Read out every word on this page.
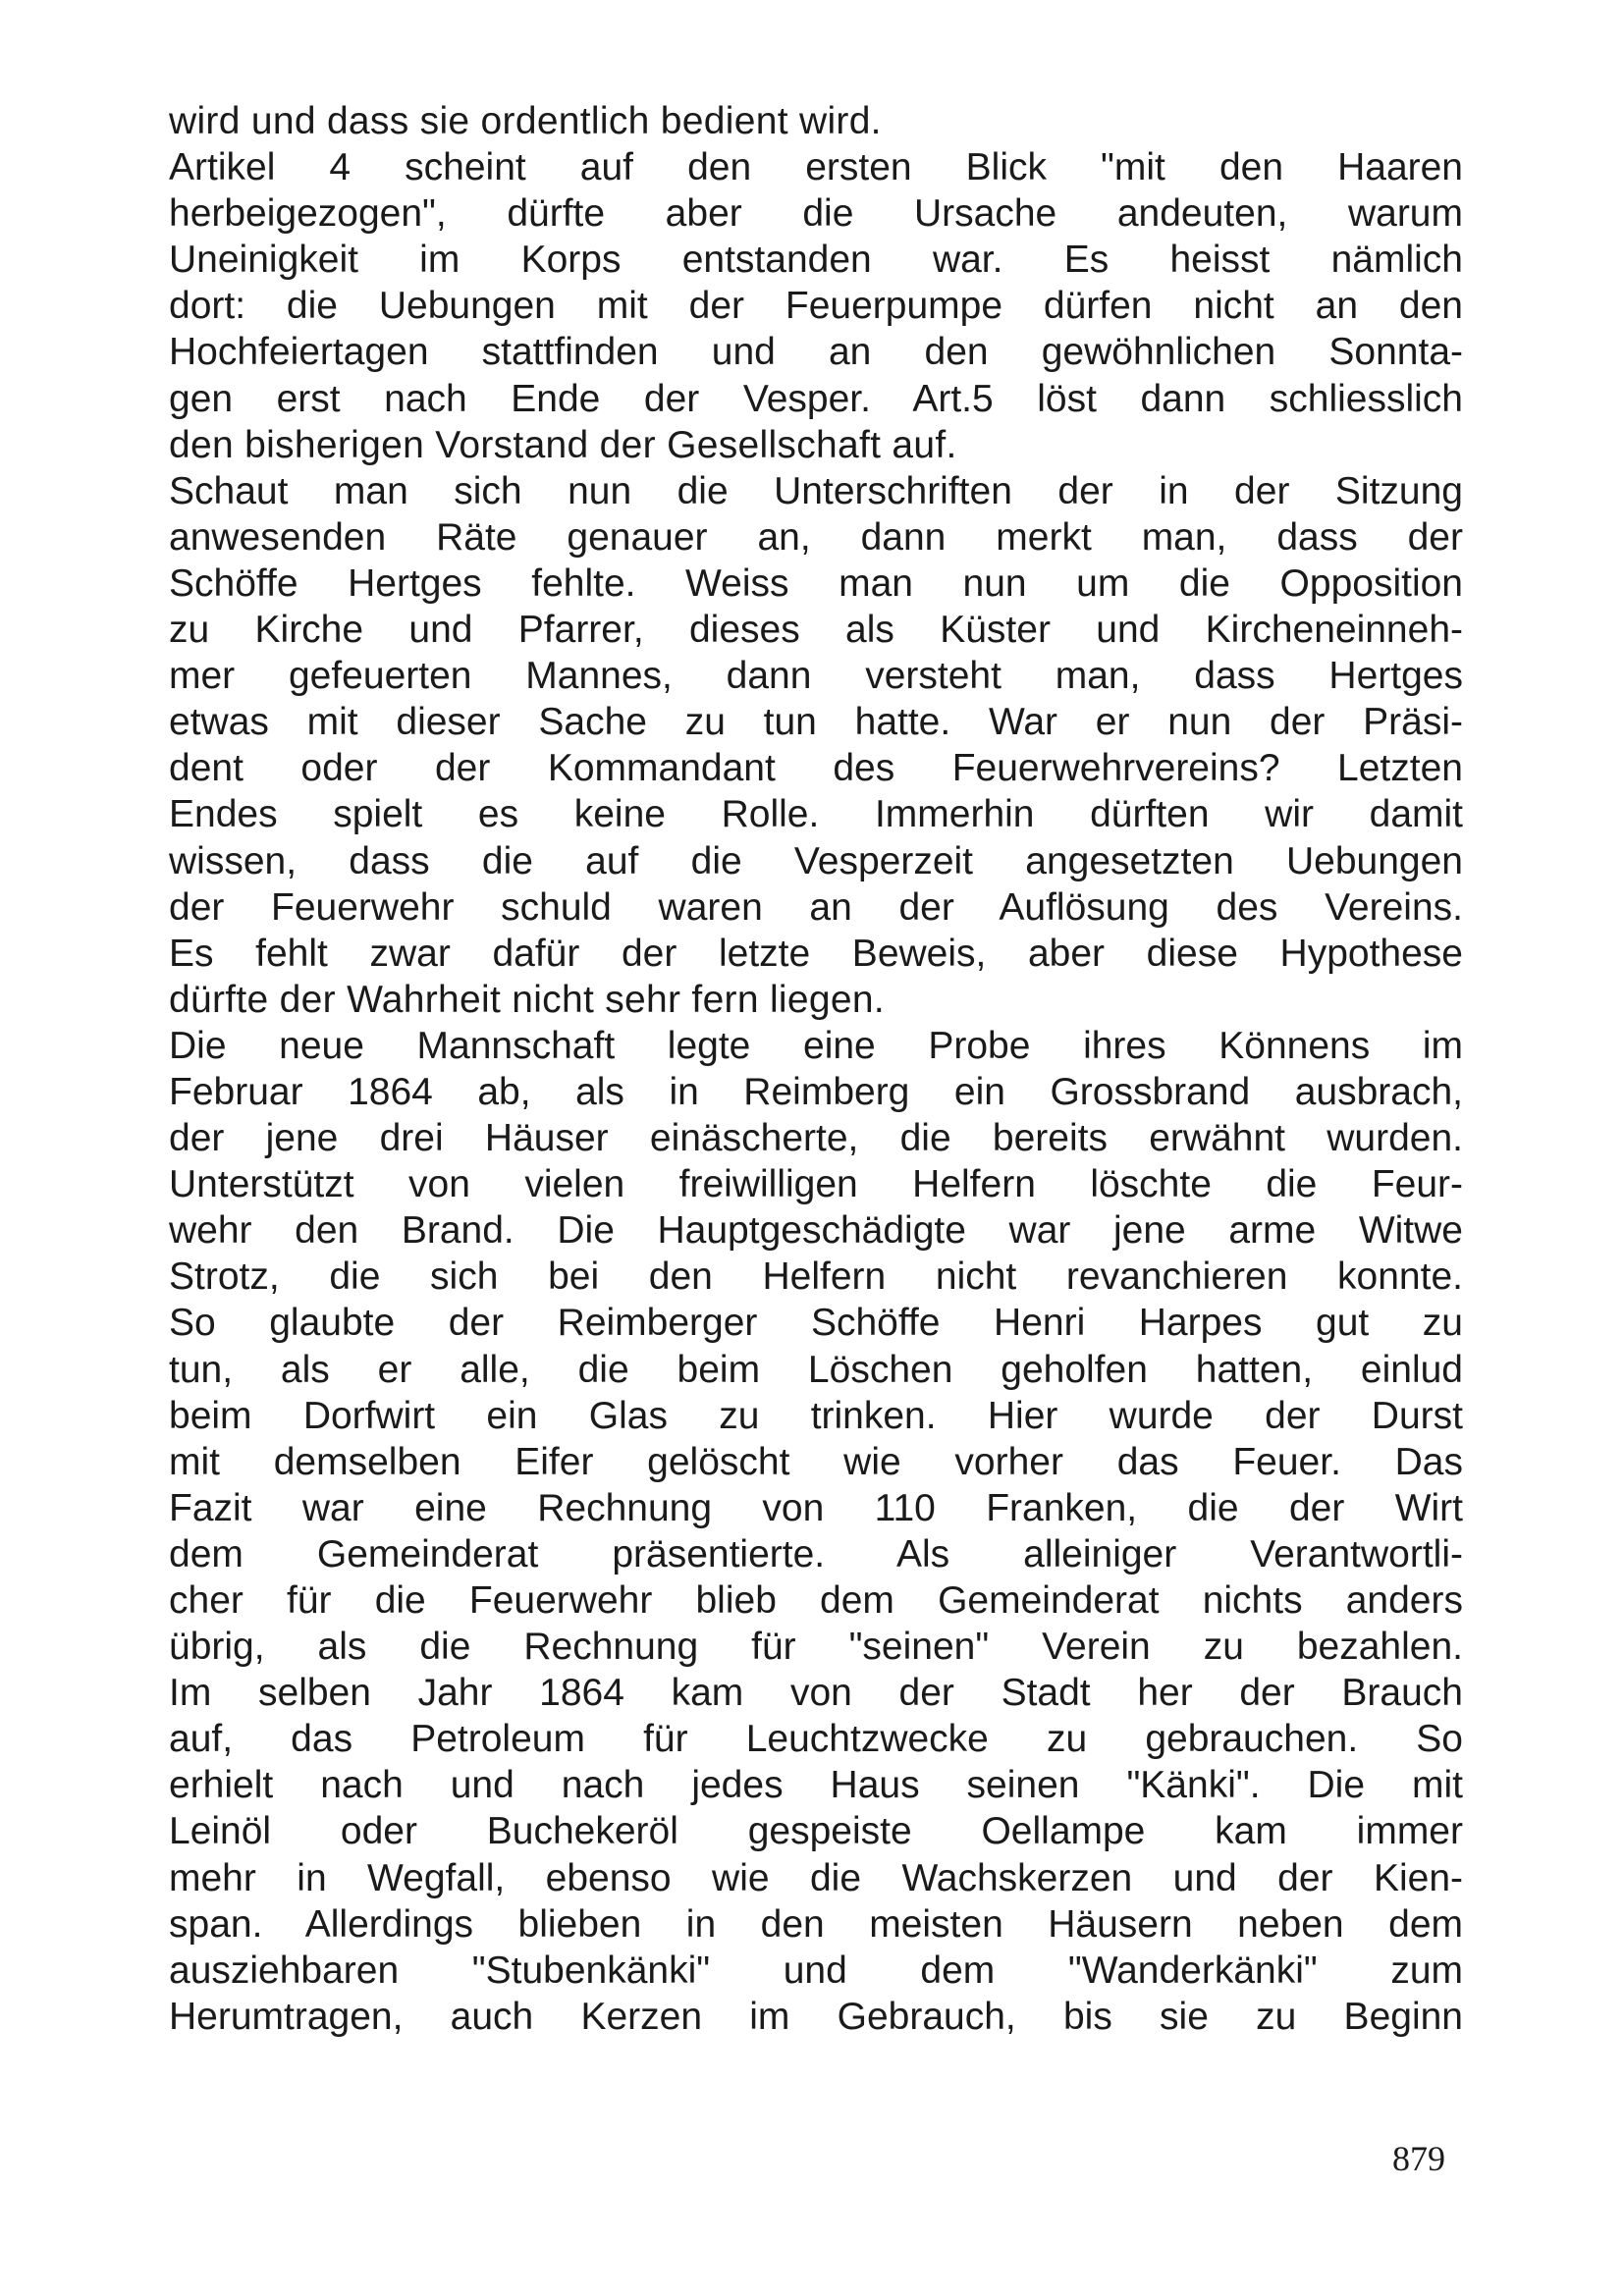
wird und dass sie ordentlich bedient wird.
Artikel 4 scheint auf den ersten Blick "mit den Haaren
herbeigezogen", dürfte aber die Ursache andeuten, warum
Uneinigkeit im Korps entstanden war. Es heisst nämlich
dort: die Uebungen mit der Feuerpumpe dürfen nicht an den
Hochfeiertagen stattfinden und an den gewöhnlichen Sonnta-
gen erst nach Ende der Vesper. Art.5 löst dann schliesslich
den bisherigen Vorstand der Gesellschaft auf.
Schaut man sich nun die Unterschriften der in der Sitzung
anwesenden Räte genauer an, dann merkt man, dass der
Schöffe Hertges fehlte. Weiss man nun um die Opposition
zu Kirche und Pfarrer, dieses als Küster und Kircheneinneh-
mer gefeuerten Mannes, dann versteht man, dass Hertges
etwas mit dieser Sache zu tun hatte. War er nun der Präsi-
dent oder der Kommandant des Feuerwehrvereins? Letzten
Endes spielt es keine Rolle. Immerhin dürften wir damit
wissen, dass die auf die Vesperzeit angesetzten Uebungen
der Feuerwehr schuld waren an der Auflösung des Vereins.
Es fehlt zwar dafür der letzte Beweis, aber diese Hypothese
dürfte der Wahrheit nicht sehr fern liegen.
Die neue Mannschaft legte eine Probe ihres Könnens im
Februar 1864 ab, als in Reimberg ein Grossbrand ausbrach,
der jene drei Häuser einäscherte, die bereits erwähnt wurden.
Unterstützt von vielen freiwilligen Helfern löschte die Feur-
wehr den Brand. Die Hauptgeschädigte war jene arme Witwe
Strotz, die sich bei den Helfern nicht revanchieren konnte.
So glaubte der Reimberger Schöffe Henri Harpes gut zu
tun, als er alle, die beim Löschen geholfen hatten, einlud
beim Dorfwirt ein Glas zu trinken. Hier wurde der Durst
mit demselben Eifer gelöscht wie vorher das Feuer. Das
Fazit war eine Rechnung von 110 Franken, die der Wirt
dem Gemeinderat präsentierte. Als alleiniger Verantwortli-
cher für die Feuerwehr blieb dem Gemeinderat nichts anders
übrig, als die Rechnung für "seinen" Verein zu bezahlen.
Im selben Jahr 1864 kam von der Stadt her der Brauch
auf, das Petroleum für Leuchtzwecke zu gebrauchen. So
erhielt nach und nach jedes Haus seinen "Känki". Die mit
Leinöl oder Buchekeröl gespeiste Oellampe kam immer
mehr in Wegfall, ebenso wie die Wachskerzen und der Kien-
span. Allerdings blieben in den meisten Häusern neben dem
ausziehbaren "Stubenkänki" und dem "Wanderkänki" zum
Herumtragen, auch Kerzen im Gebrauch, bis sie zu Beginn
879
